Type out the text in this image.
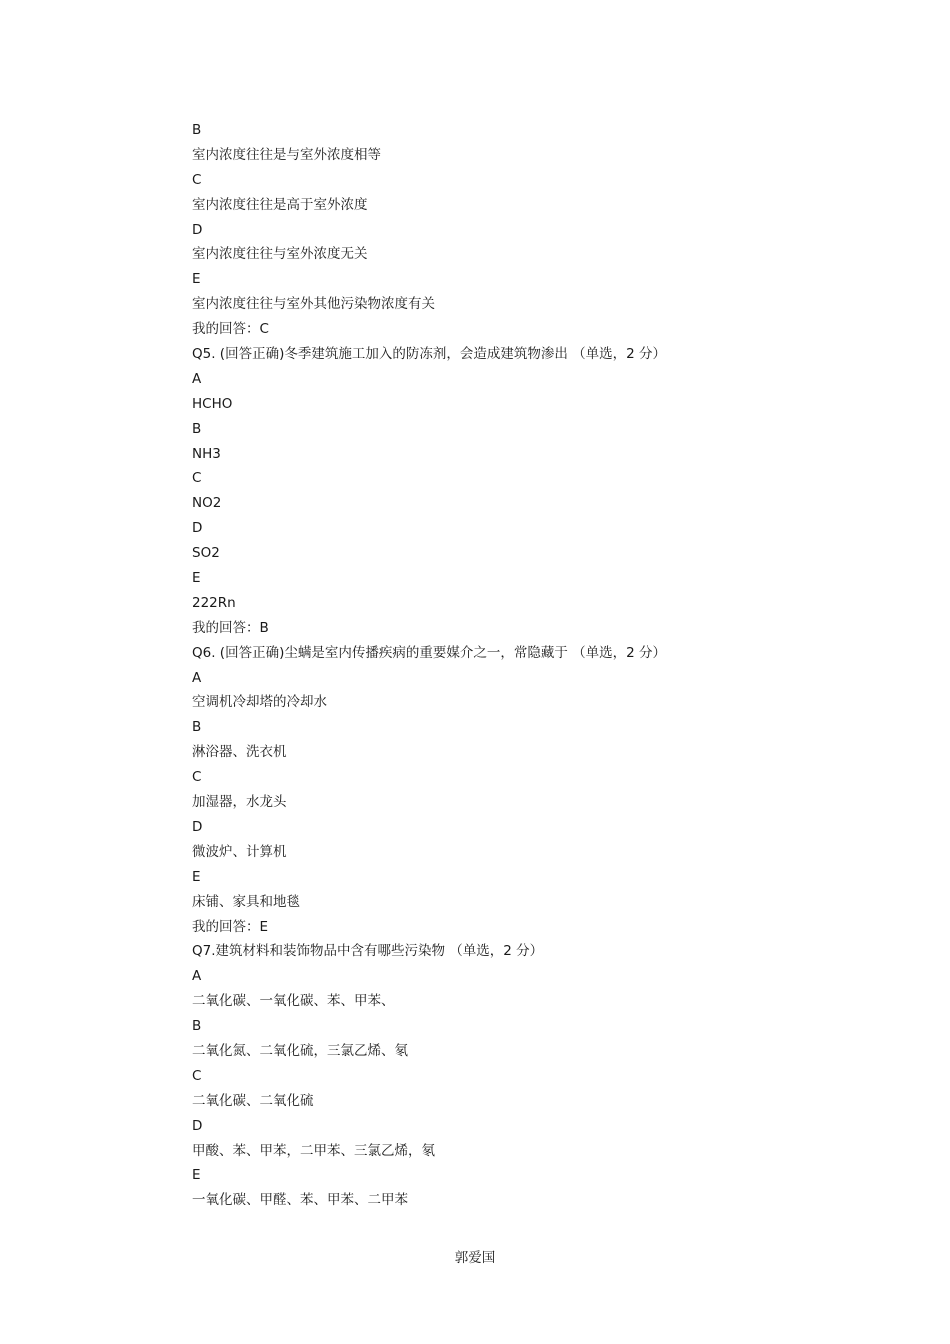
B
室内浓度往往是与室外浓度相等
C
室内浓度往往是高于室外浓度
D
室内浓度往往与室外浓度无关
E
室内浓度往往与室外其他污染物浓度有关
我的回答：C
Q5. (回答正确)冬季建筑施工加入的防冻剂，会造成建筑物渗出 （单选，2 分）
A
HCHO
B
NH3
C
NO2
D
SO2
E
222Rn
我的回答：B
Q6. (回答正确)尘螨是室内传播疾病的重要媒介之一，常隐藏于 （单选，2 分）
A
空调机冷却塔的冷却水
B
淋浴器、洗衣机
C
加湿器，水龙头
D
微波炉、计算机
E
床铺、家具和地毯
我的回答：E
Q7.建筑材料和装饰物品中含有哪些污染物 （单选，2 分）
A
二氧化碳、一氧化碳、苯、甲苯、
B
二氧化氮、二氧化硫，三氯乙烯、氡
C
二氧化碳、二氧化硫
D
甲酸、苯、甲苯，二甲苯、三氯乙烯，氡
E
一氧化碳、甲醛、苯、甲苯、二甲苯
郭爱国
